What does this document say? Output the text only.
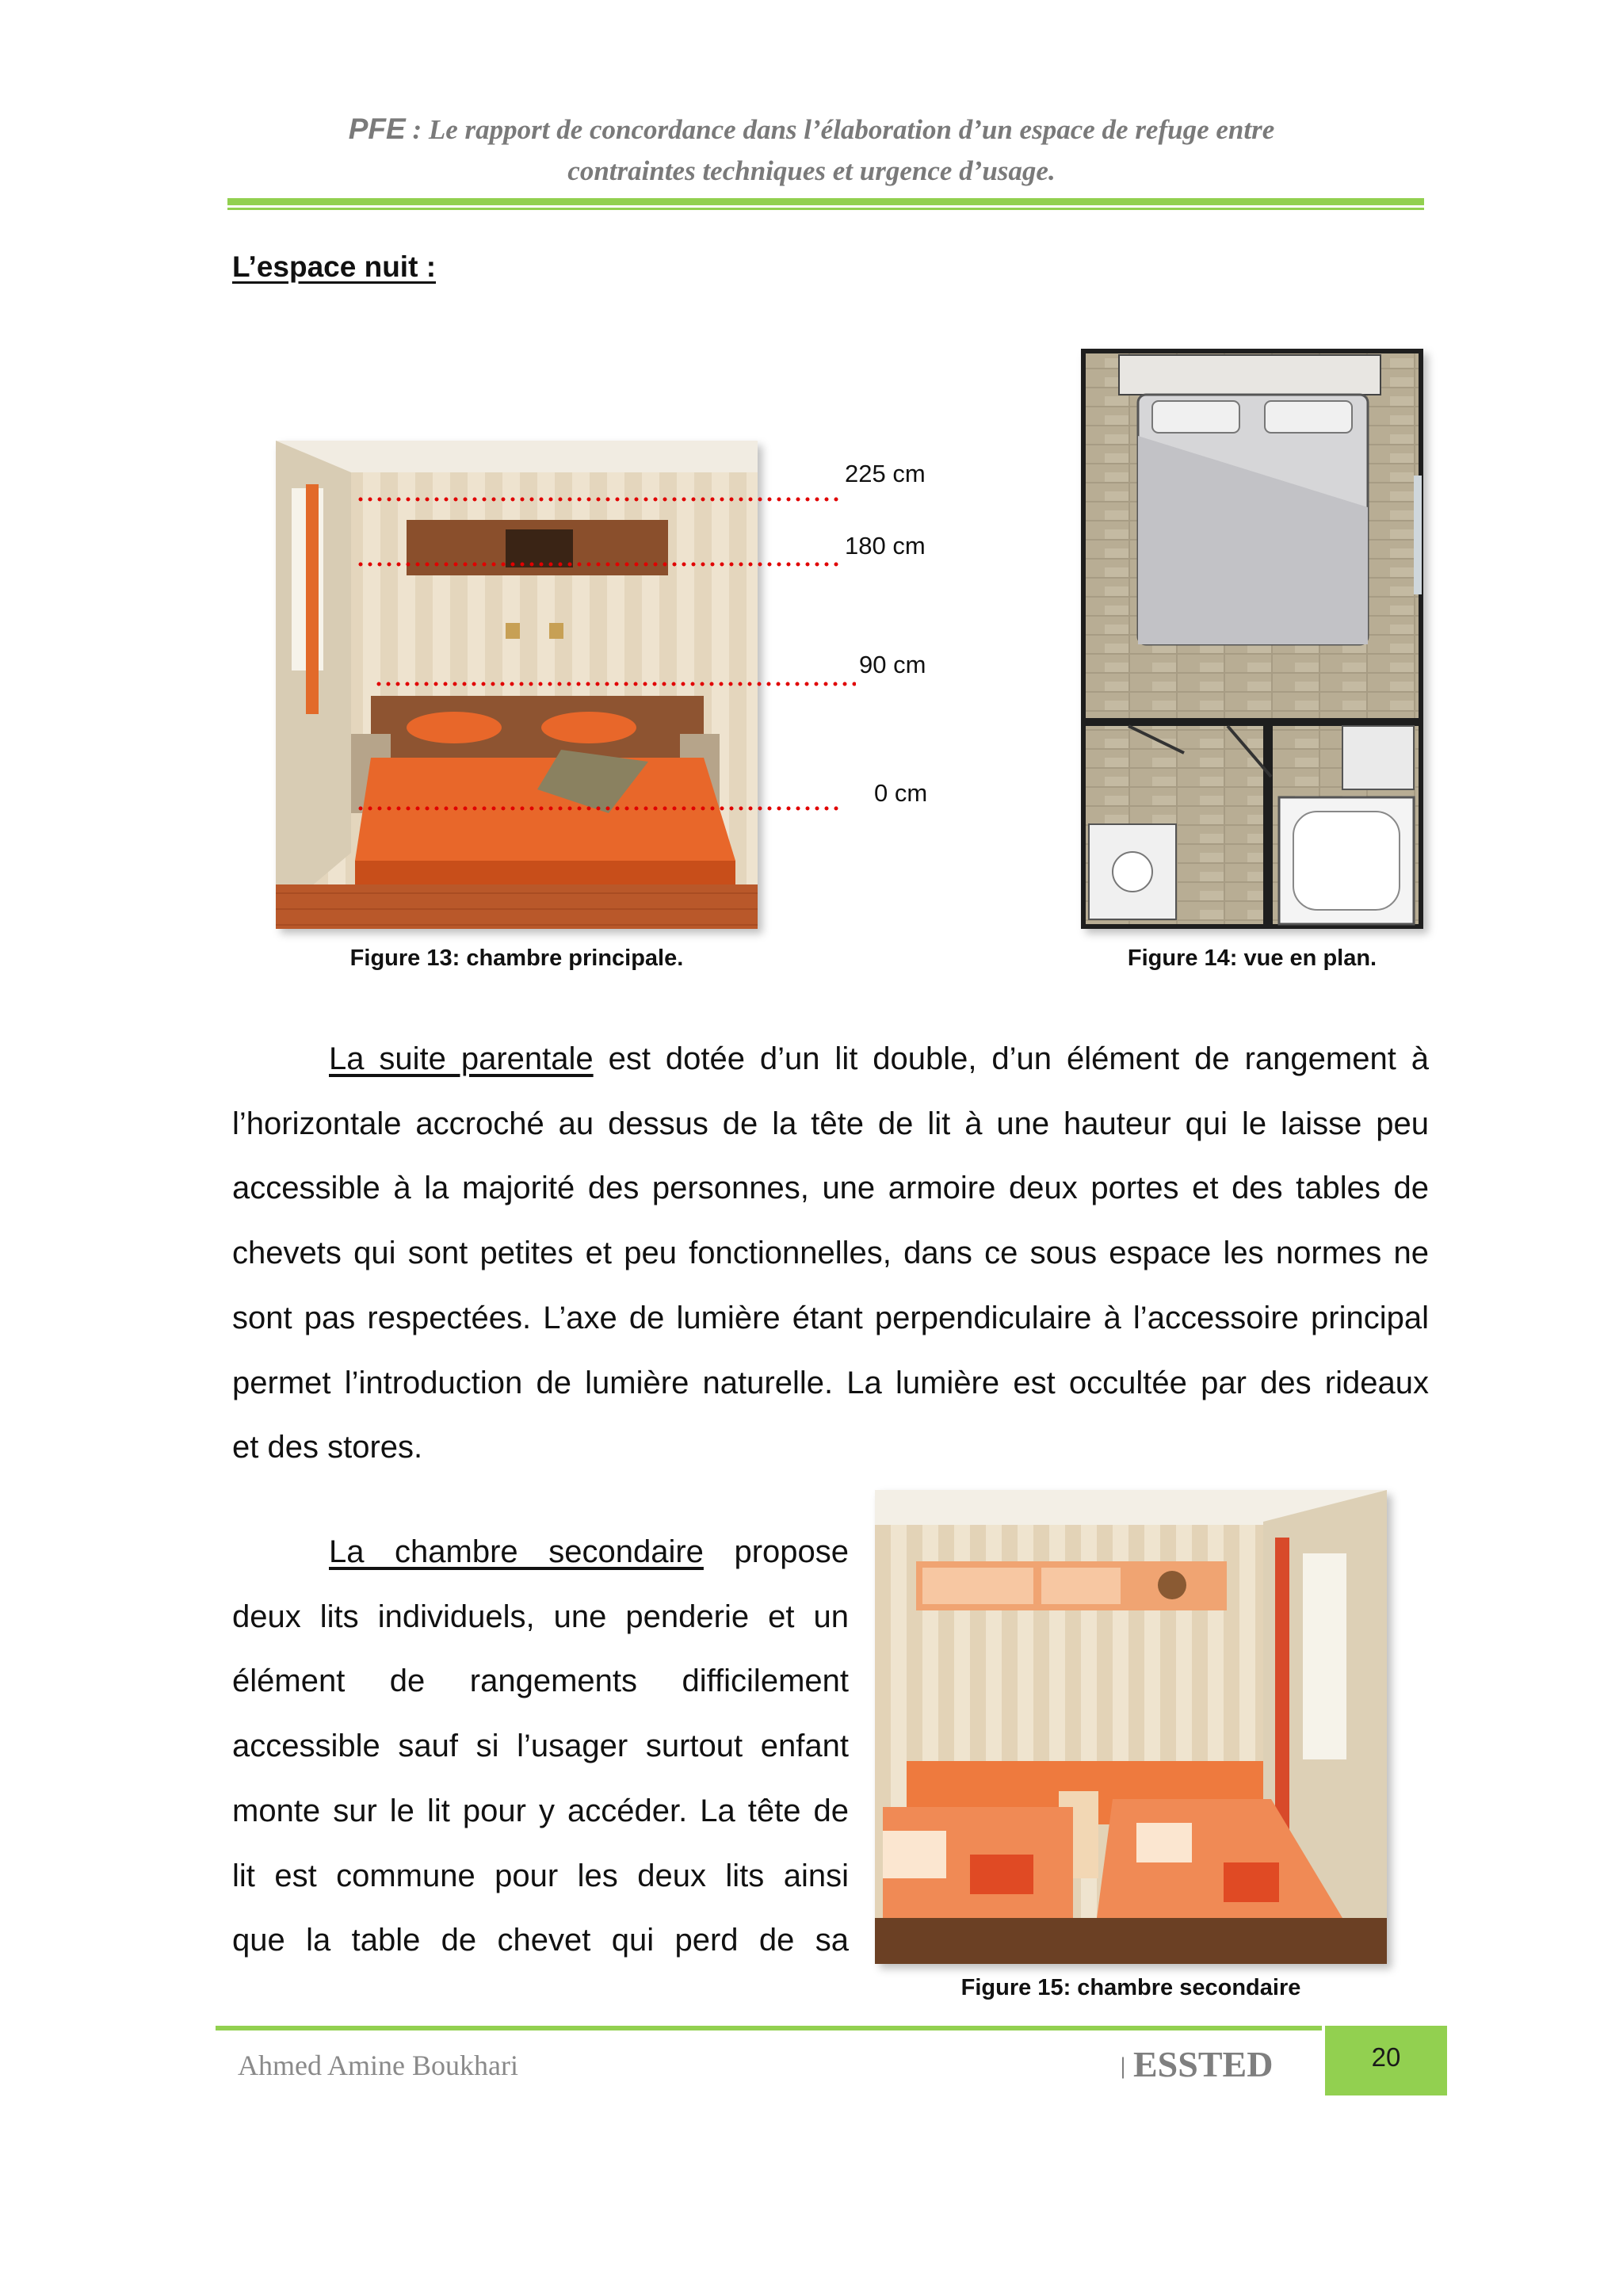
PFE : Le rapport de concordance dans l’élaboration d’un espace de refuge entre
contraintes techniques et urgence d’usage.
L’espace nuit :
225 cm
180 cm
90 cm
0 cm
Figure 13: chambre principale.	Figure 14: vue en plan.
La suite parentale est dotée d’un lit double, d’un élément de rangement à
l’horizontale accroché au dessus de la tête de lit à une hauteur qui le laisse peu
accessible à la majorité des personnes, une armoire deux portes et des tables de
chevets qui sont petites et peu fonctionnelles, dans ce sous espace les normes ne
sont pas respectées. L’axe de lumière étant perpendiculaire à l’accessoire principal
permet l’introduction de lumière naturelle. La lumière est occultée par des rideaux
et des stores.
Figure 15: chambre secondaire
La chambre secondaire propose
deux lits individuels, une penderie et un
élément de rangements difficilement
accessible sauf si l’usager surtout enfant
monte sur le lit pour y accéder. La tête de
lit est commune pour les deux lits ainsi
que la table de chevet qui perd de sa
Ahmed Amine Boukhari	| ESSTED	20
